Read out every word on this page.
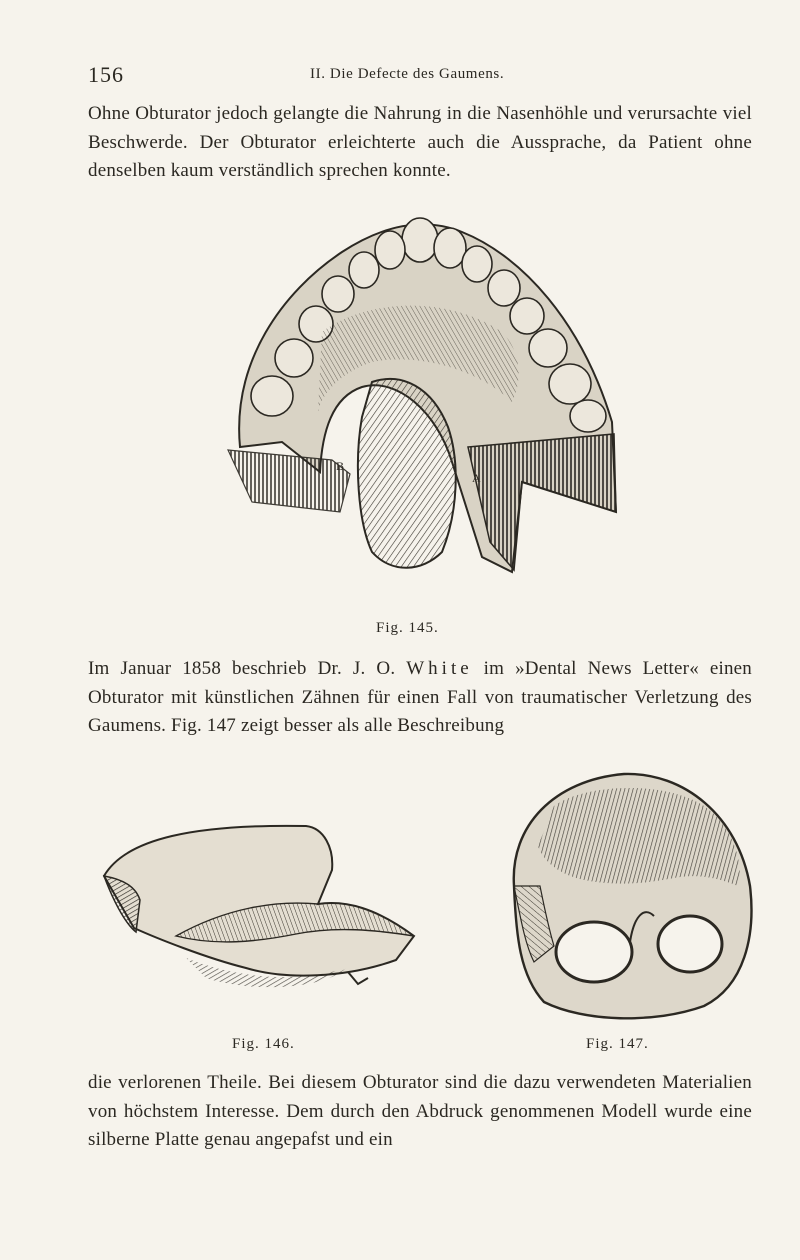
156	II. Die Defecte des Gaumens.

Ohne Obturator jedoch gelangte die Nahrung in die Nasenhöhle und verursachte viel Beschwerde. Der Obturator erleichterte auch die Aussprache, da Patient ohne denselben kaum verständlich sprechen konnte.

B
A
Fig. 145.

Im Januar 1858 beschrieb Dr. J. O. White im »Dental News Letter« einen Obturator mit künstlichen Zähnen für einen Fall von traumatischer Verletzung des Gaumens. Fig. 147 zeigt besser als alle Beschreibung

Fig. 146.	Fig. 147.

die verlorenen Theile. Bei diesem Obturator sind die dazu verwendeten Materialien von höchstem Interesse. Dem durch den Abdruck genommenen Modell wurde eine silberne Platte genau angepafst und ein
